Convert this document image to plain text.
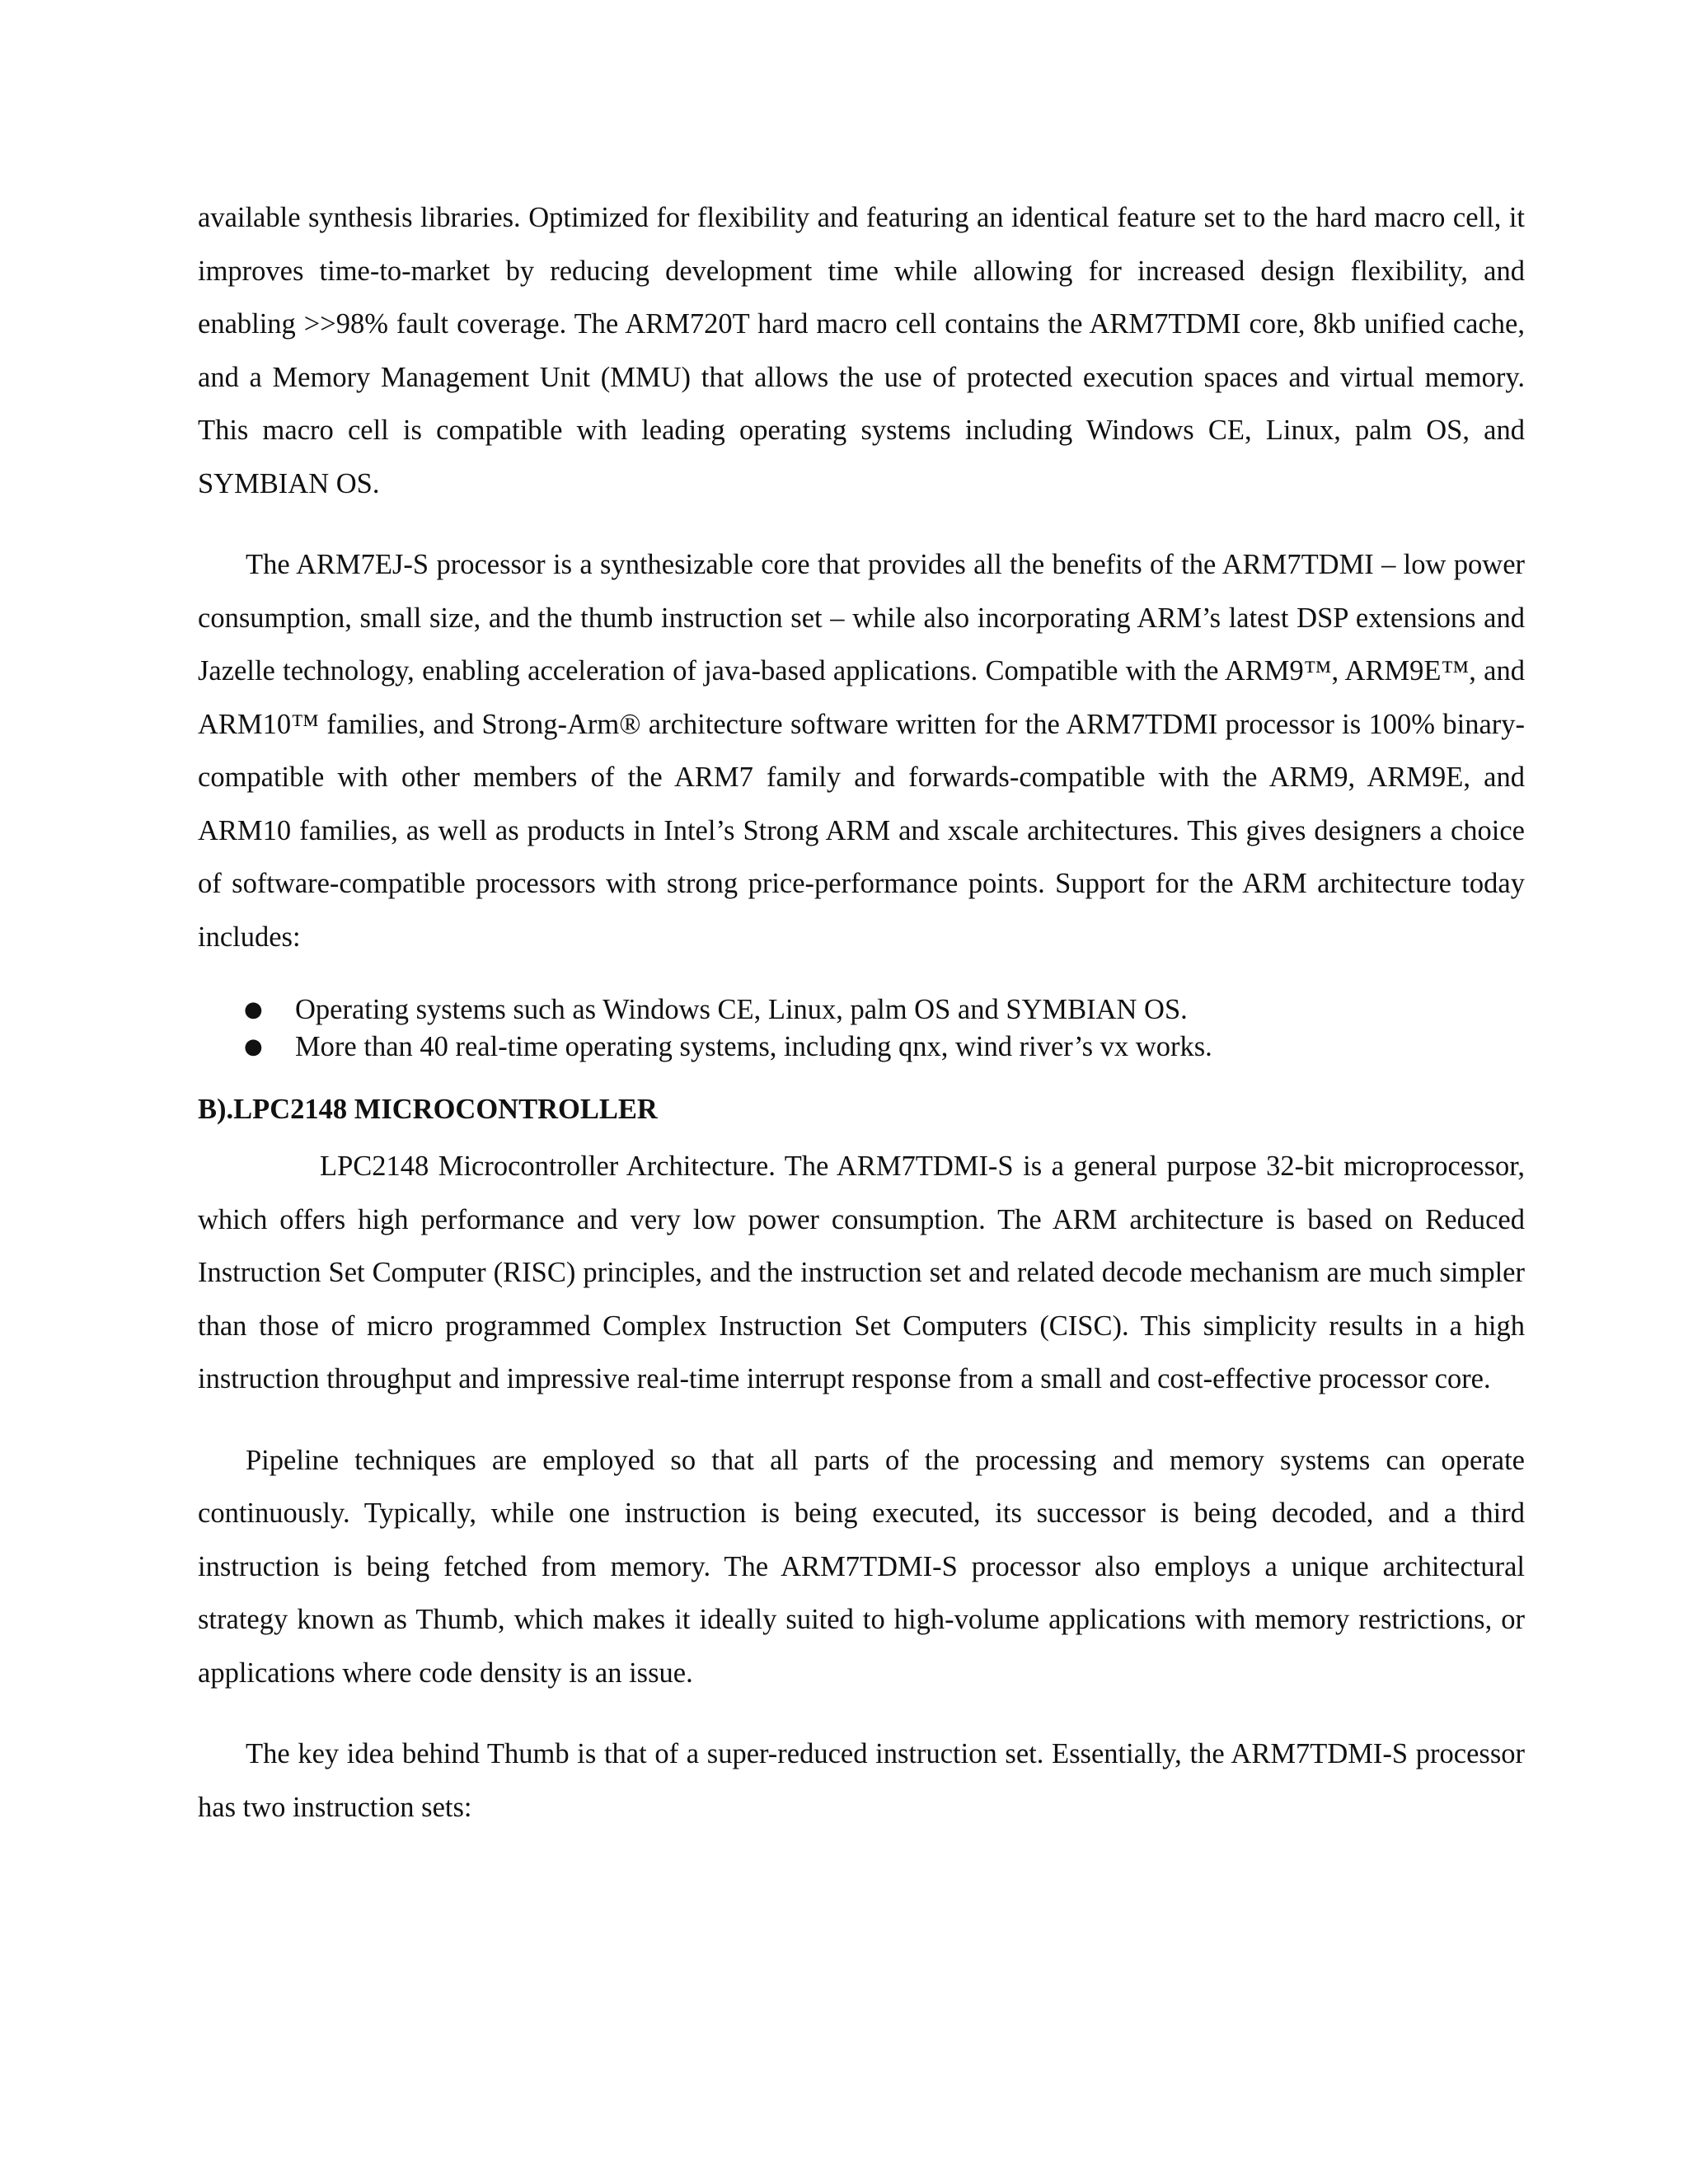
available synthesis libraries. Optimized for flexibility and featuring an identical feature set to the hard macro cell, it improves time-to-market by reducing development time while allowing for increased design flexibility, and enabling >>98% fault coverage. The ARM720T hard macro cell contains the ARM7TDMI core, 8kb unified cache, and a Memory Management Unit (MMU) that allows the use of protected execution spaces and virtual memory. This macro cell is compatible with leading operating systems including Windows CE, Linux, palm OS, and SYMBIAN OS.

The ARM7EJ-S processor is a synthesizable core that provides all the benefits of the ARM7TDMI – low power consumption, small size, and the thumb instruction set – while also incorporating ARM’s latest DSP extensions and Jazelle technology, enabling acceleration of java-based applications. Compatible with the ARM9™, ARM9E™, and ARM10™ families, and Strong-Arm® architecture software written for the ARM7TDMI processor is 100% binary-compatible with other members of the ARM7 family and forwards-compatible with the ARM9, ARM9E, and ARM10 families, as well as products in Intel’s Strong ARM and xscale architectures. This gives designers a choice of software-compatible processors with strong price-performance points. Support for the ARM architecture today includes:

● Operating systems such as Windows CE, Linux, palm OS and SYMBIAN OS.
● More than 40 real-time operating systems, including qnx, wind river’s vx works.
B).LPC2148 MICROCONTROLLER

LPC2148 Microcontroller Architecture. The ARM7TDMI-S is a general purpose 32-bit microprocessor, which offers high performance and very low power consumption. The ARM architecture is based on Reduced Instruction Set Computer (RISC) principles, and the instruction set and related decode mechanism are much simpler than those of micro programmed Complex Instruction Set Computers (CISC). This simplicity results in a high instruction throughput and impressive real-time interrupt response from a small and cost-effective processor core.

Pipeline techniques are employed so that all parts of the processing and memory systems can operate continuously. Typically, while one instruction is being executed, its successor is being decoded, and a third instruction is being fetched from memory. The ARM7TDMI-S processor also employs a unique architectural strategy known as Thumb, which makes it ideally suited to high-volume applications with memory restrictions, or applications where code density is an issue.

The key idea behind Thumb is that of a super-reduced instruction set. Essentially, the ARM7TDMI-S processor has two instruction sets:
